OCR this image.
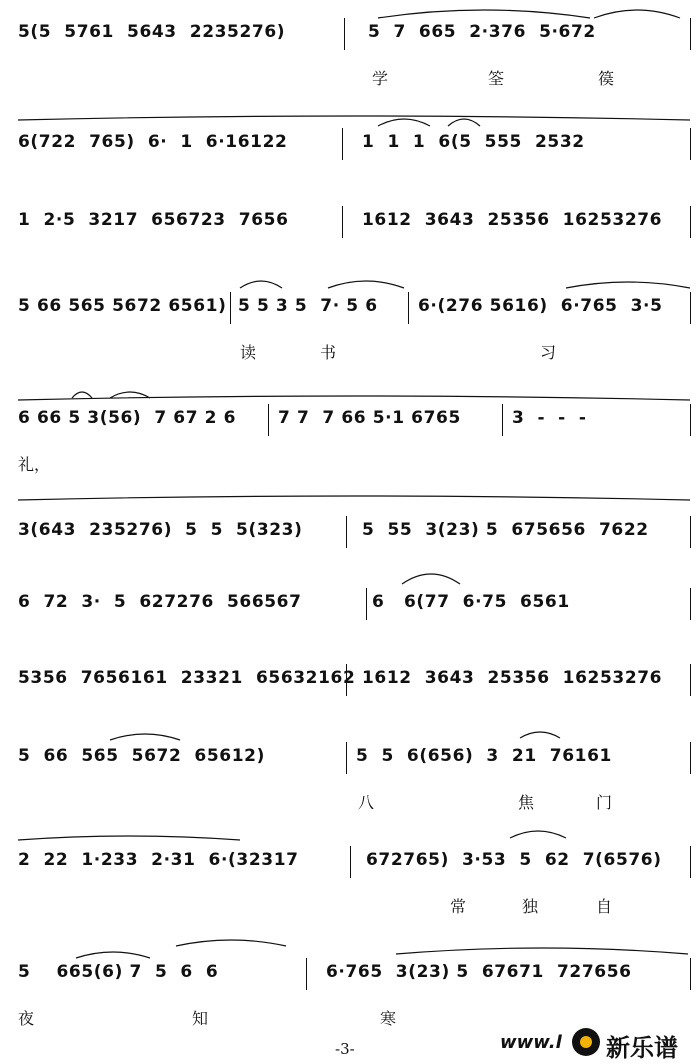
5(5  5761  5643  2235276)	5  7  665  2·376  5·672
学	筌	篌
6(722  765)  6·  1  6·16122	1  1  1  6(5  555  2532
1  2·5  3217  656723  7656	1612  3643  25356  16253276
5 66 565 5672 6561) 5 5 3 5  7· 5 6 6·(276 5616)  6·765  3·5
读	书	习
6 66 5 3(56)  7 67 2 6 7 7  7 66 5·1 6765	3  -  -  -
礼，
3(643  235276)  5  5  5(323)	5  55  3(23) 5  675656  7622
6  72  3·  5  627276  566567	6   6(77  6·75  6561
5356  7656161  23321  65632162 1612  3643  25356  16253276
5  66  565  5672  65612)	5  5  6(656)  3  21  76161
八	焦	门
2  22  1·233  2·31  6·(32317	672765)  3·53  5  62  7(6576)
常	独	自
5    665(6) 7  5  6  6	6·765  3(23) 5  67671  727656
夜	知	寒
-3-	www.l 新乐谱
